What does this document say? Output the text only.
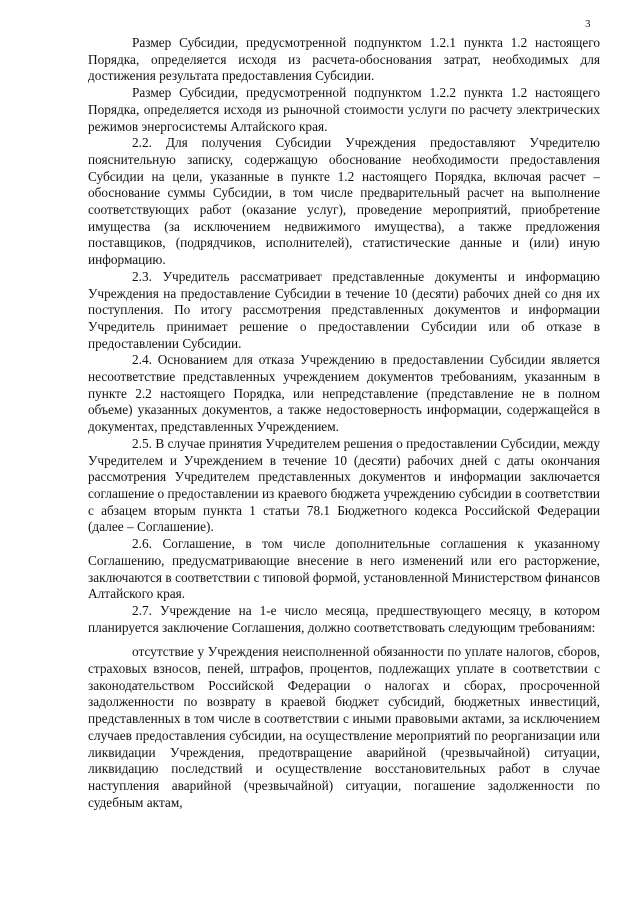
3

Размер Субсидии, предусмотренной подпунктом 1.2.1 пункта 1.2 настоящего Порядка, определяется исходя из расчета-обоснования затрат, необходимых для достижения результата предоставления Субсидии.

Размер Субсидии, предусмотренной подпунктом 1.2.2 пункта 1.2 настоящего Порядка, определяется исходя из рыночной стоимости услуги по расчету электрических режимов энергосистемы Алтайского края.

2.2. Для получения Субсидии Учреждения предоставляют Учредителю пояснительную записку, содержащую обоснование необходимости предоставления Субсидии на цели, указанные в пункте 1.2 настоящего Порядка, включая расчет – обоснование суммы Субсидии, в том числе предварительный расчет на выполнение соответствующих работ (оказание услуг), проведение мероприятий, приобретение имущества (за исключением недвижимого имущества), а также предложения поставщиков, (подрядчиков, исполнителей), статистические данные и (или) иную информацию.

2.3. Учредитель рассматривает представленные документы и информацию Учреждения на предоставление Субсидии в течение 10 (десяти) рабочих дней со дня их поступления. По итогу рассмотрения представленных документов и информации Учредитель принимает решение о предоставлении Субсидии или об отказе в предоставлении Субсидии.

2.4. Основанием для отказа Учреждению в предоставлении Субсидии является несоответствие представленных учреждением документов требованиям, указанным в пункте 2.2 настоящего Порядка, или непредставление (представление не в полном объеме) указанных документов, а также недостоверность информации, содержащейся в документах, представленных Учреждением.

2.5. В случае принятия Учредителем решения о предоставлении Субсидии, между Учредителем и Учреждением в течение 10 (десяти) рабочих дней с даты окончания рассмотрения Учредителем представленных документов и информации заключается соглашение о предоставлении из краевого бюджета учреждению субсидии в соответствии с абзацем вторым пункта 1 статьи 78.1 Бюджетного кодекса Российской Федерации (далее – Соглашение).

2.6. Соглашение, в том числе дополнительные соглашения к указанному Соглашению, предусматривающие внесение в него изменений или его расторжение, заключаются в соответствии с типовой формой, установленной Министерством финансов Алтайского края.

2.7. Учреждение на 1-е число месяца, предшествующего месяцу, в котором планируется заключение Соглашения, должно соответствовать следующим требованиям:

отсутствие у Учреждения неисполненной обязанности по уплате налогов, сборов, страховых взносов, пеней, штрафов, процентов, подлежащих уплате в соответствии с законодательством Российской Федерации о налогах и сборах, просроченной задолженности по возврату в краевой бюджет субсидий, бюджетных инвестиций, представленных в том числе в соответствии с иными правовыми актами, за исключением случаев предоставления субсидии, на осуществление мероприятий по реорганизации или ликвидации Учреждения, предотвращение аварийной (чрезвычайной) ситуации, ликвидацию последствий и осуществление восстановительных работ в случае наступления аварийной (чрезвычайной) ситуации, погашение задолженности по судебным актам,
